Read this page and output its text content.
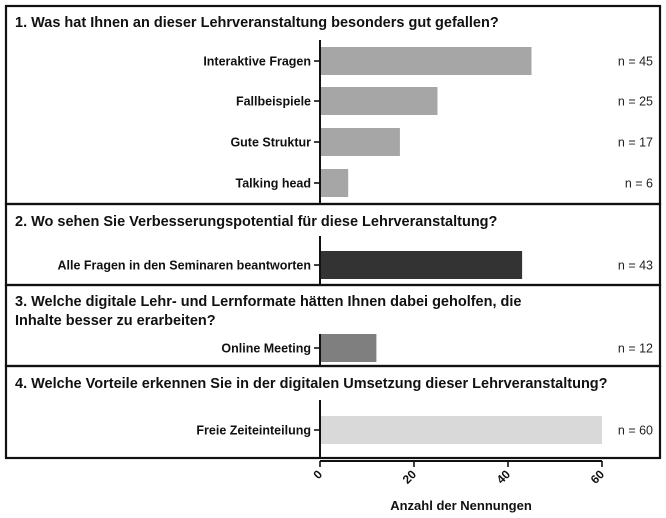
4. Welche Vorteile erkennen Sie in der digitalen Umsetzung dieser Lehrveranstaltung?
Freie Zeiteinteilung	n = 60
3. Welche digitale Lehr- und Lernformate hätten Ihnen dabei geholfen, die
Inhalte besser zu erarbeiten?
Online Meeting	n = 12
2. Wo sehen Sie Verbesserungspotential für diese Lehrveranstaltung?
Alle Fragen in den Seminaren beantworten	n = 43
1. Was hat Ihnen an dieser Lehrveranstaltung besonders gut gefallen?
Interaktive Fragen	n = 45
Fallbeispiele	n = 25
Gute Struktur	n = 17
Talking head	n = 6
Anzahl der Nennungen
0	20	40	60
